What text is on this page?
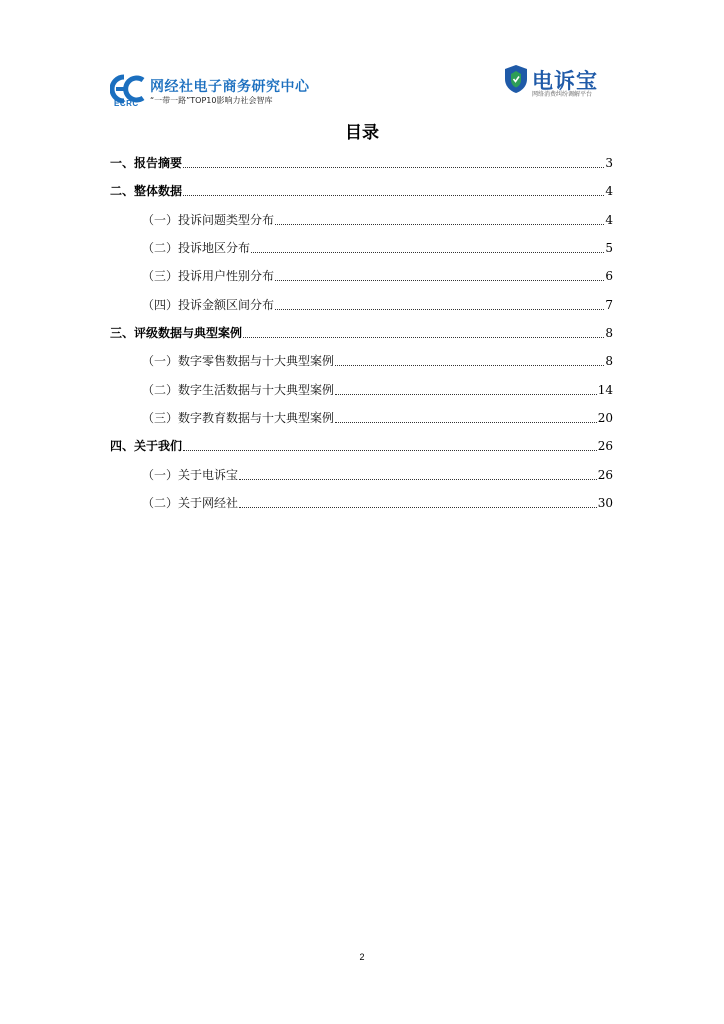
ECRC
网经社电子商务研究中心
“一带一路”TOP10影响力社会智库
电诉宝
网络消费纠纷调解平台
目录
一、报告摘要	3
二、整体数据	4
（一）投诉问题类型分布	4
（二）投诉地区分布	5
（三）投诉用户性别分布	6
（四）投诉金额区间分布	7
三、评级数据与典型案例	8
（一）数字零售数据与十大典型案例	8
（二）数字生活数据与十大典型案例	14
（三）数字教育数据与十大典型案例	20
四、关于我们	26
（一）关于电诉宝	26
（二）关于网经社	30
2
